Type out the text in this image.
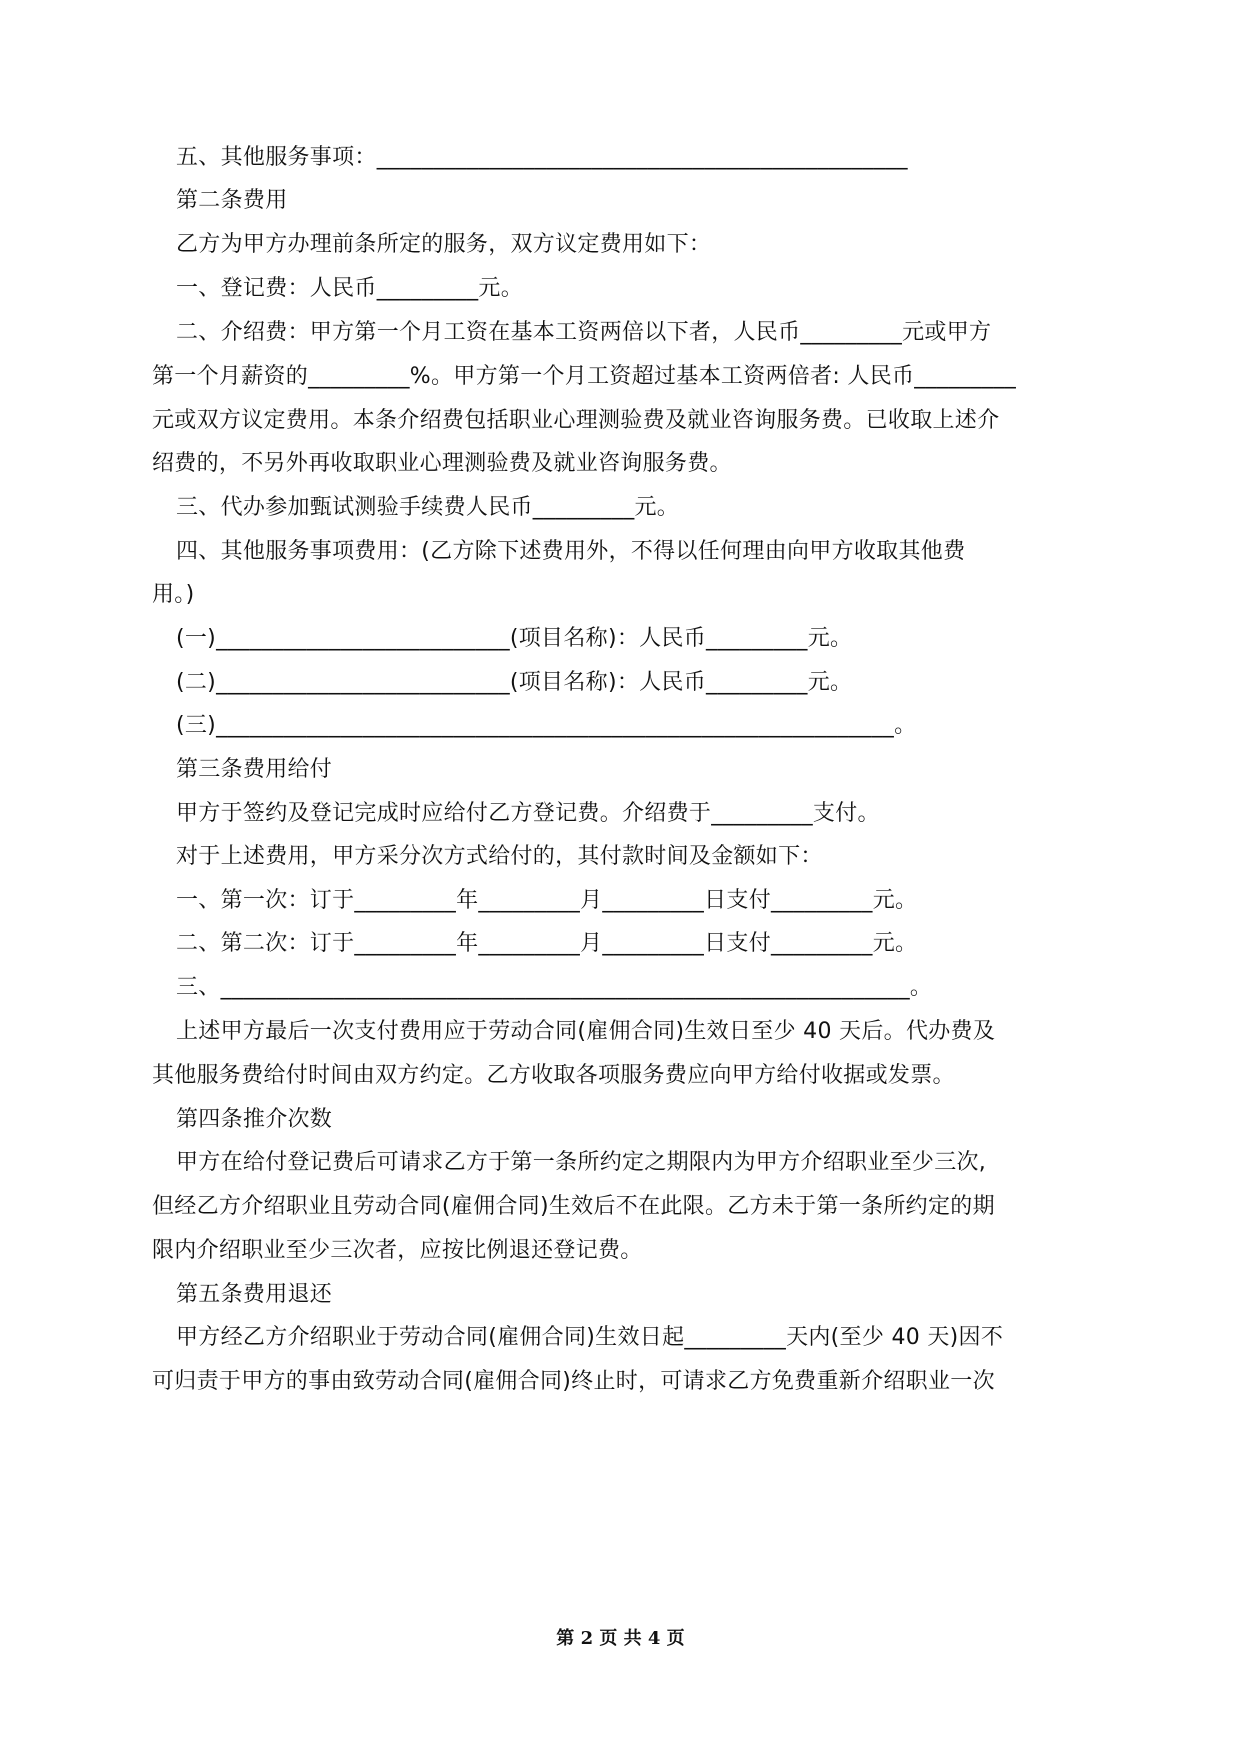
五、其他服务事项：_______________________________________________
第二条费用
乙方为甲方办理前条所定的服务，双方议定费用如下：
一、登记费：人民币_________元。
二、介绍费：甲方第一个月工资在基本工资两倍以下者，人民币_________元或甲方
第一个月薪资的_________%。甲方第一个月工资超过基本工资两倍者: 人民币_________
元或双方议定费用。本条介绍费包括职业心理测验费及就业咨询服务费。已收取上述介
绍费的，不另外再收取职业心理测验费及就业咨询服务费。
三、代办参加甄试测验手续费人民币_________元。
四、其他服务事项费用：(乙方除下述费用外，不得以任何理由向甲方收取其他费
用。)
(一)__________________________(项目名称)：人民币_________元。
(二)__________________________(项目名称)：人民币_________元。
(三)____________________________________________________________。
第三条费用给付
甲方于签约及登记完成时应给付乙方登记费。介绍费于_________支付。
对于上述费用，甲方采分次方式给付的，其付款时间及金额如下：
一、第一次：订于_________年_________月_________日支付_________元。
二、第二次：订于_________年_________月_________日支付_________元。
三、_____________________________________________________________。
上述甲方最后一次支付费用应于劳动合同(雇佣合同)生效日至少 40 天后。代办费及
其他服务费给付时间由双方约定。乙方收取各项服务费应向甲方给付收据或发票。
第四条推介次数
甲方在给付登记费后可请求乙方于第一条所约定之期限内为甲方介绍职业至少三次,
但经乙方介绍职业且劳动合同(雇佣合同)生效后不在此限。乙方未于第一条所约定的期
限内介绍职业至少三次者，应按比例退还登记费。
第五条费用退还
甲方经乙方介绍职业于劳动合同(雇佣合同)生效日起_________天内(至少 40 天)因不
可归责于甲方的事由致劳动合同(雇佣合同)终止时，可请求乙方免费重新介绍职业一次
第 2 页 共 4 页
